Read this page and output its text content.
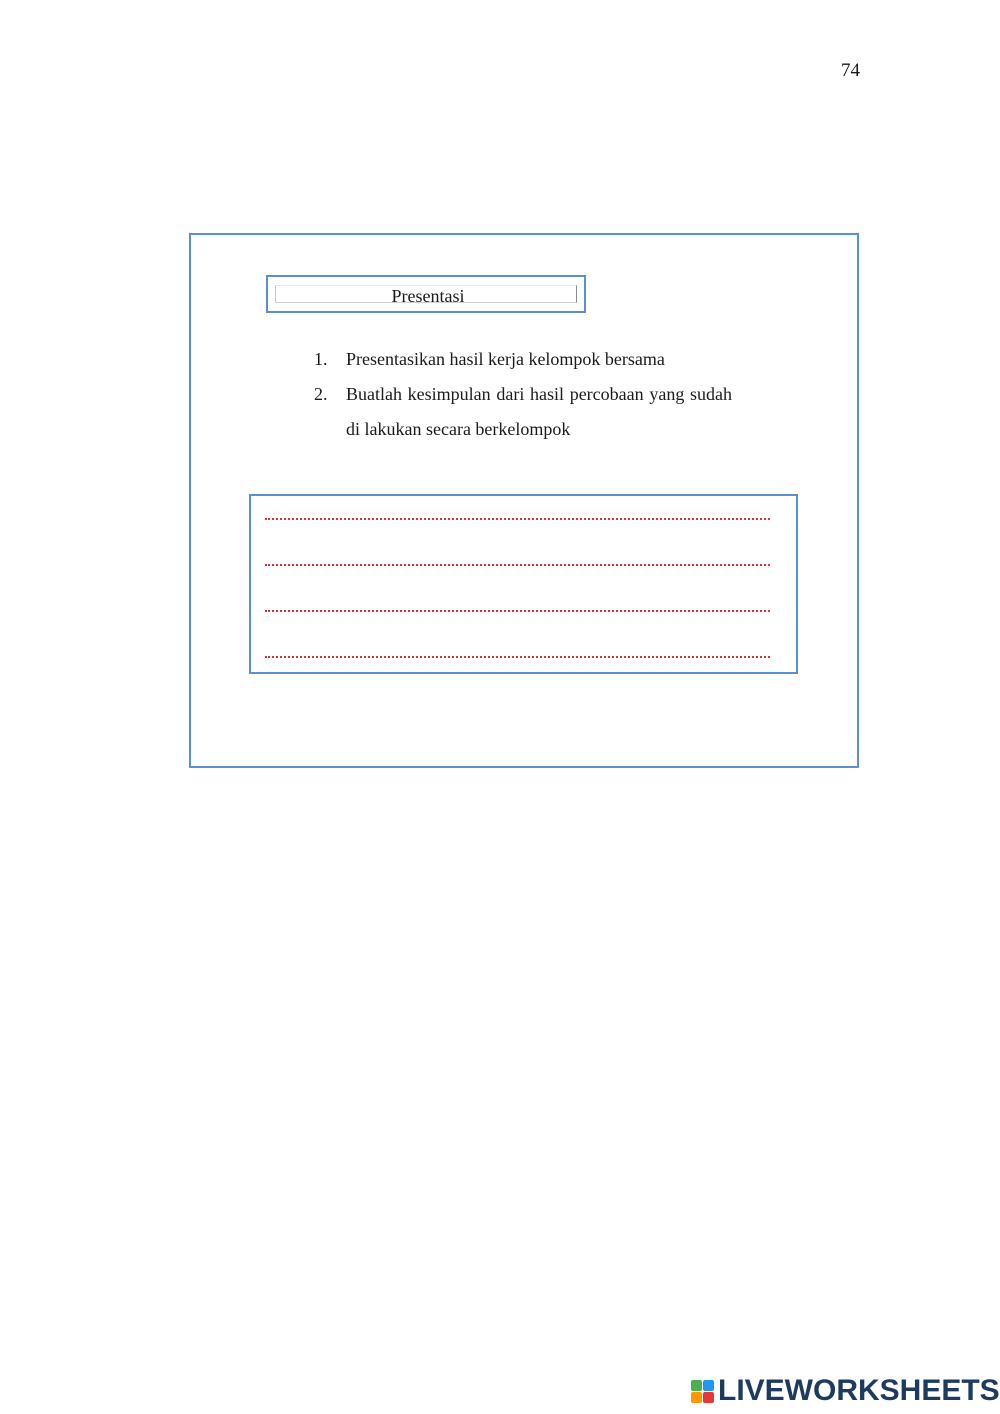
74
Presentasi
1. Presentasikan hasil kerja kelompok bersama
2. Buatlah kesimpulan dari hasil percobaan yang sudah di lakukan secara berkelompok
LIVEWORKSHEETS
